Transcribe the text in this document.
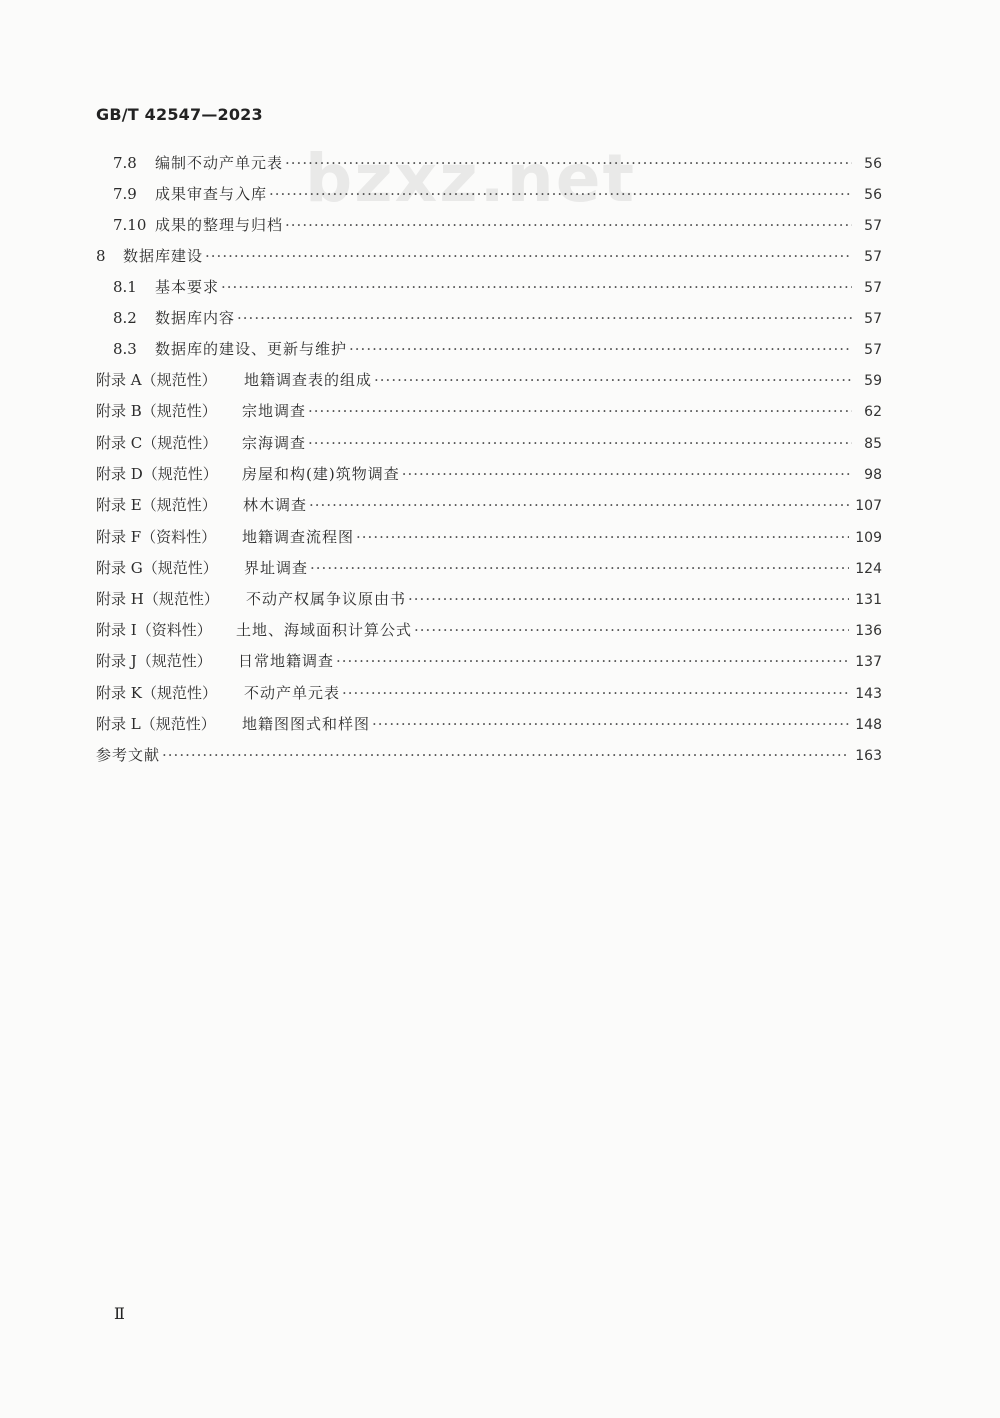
GB/T 42547—2023
bzxz.net
7.8	编制不动产单元表 ·····	56
7.9	成果审查与入库 ·····	56
7.10 成果的整理与归档 ·····	57
8	数据库建设 ·····	57
8.1	基本要求 ·····	57
8.2	数据库内容 ·····	57
8.3	数据库的建设、更新与维护 ·····	57
附录 A（规范性）	地籍调查表的组成 ·····	59
附录 B（规范性）	宗地调查 ·····	62
附录 C（规范性）	宗海调查 ·····	85
附录 D（规范性）	房屋和构(建)筑物调查 ·····	98
附录 E（规范性）	林木调查 ·····	107
附录 F（资料性）	地籍调查流程图 ·····	109
附录 G（规范性）	界址调查 ·····	124
附录 H（规范性）	不动产权属争议原由书 ·····	131
附录 I（资料性）	土地、海域面积计算公式 ·····	136
附录 J（规范性）	日常地籍调查 ·····	137
附录 K（规范性）	不动产单元表 ·····	143
附录 L（规范性）	地籍图图式和样图 ·····	148
参考文献 ·····	163
Ⅱ
